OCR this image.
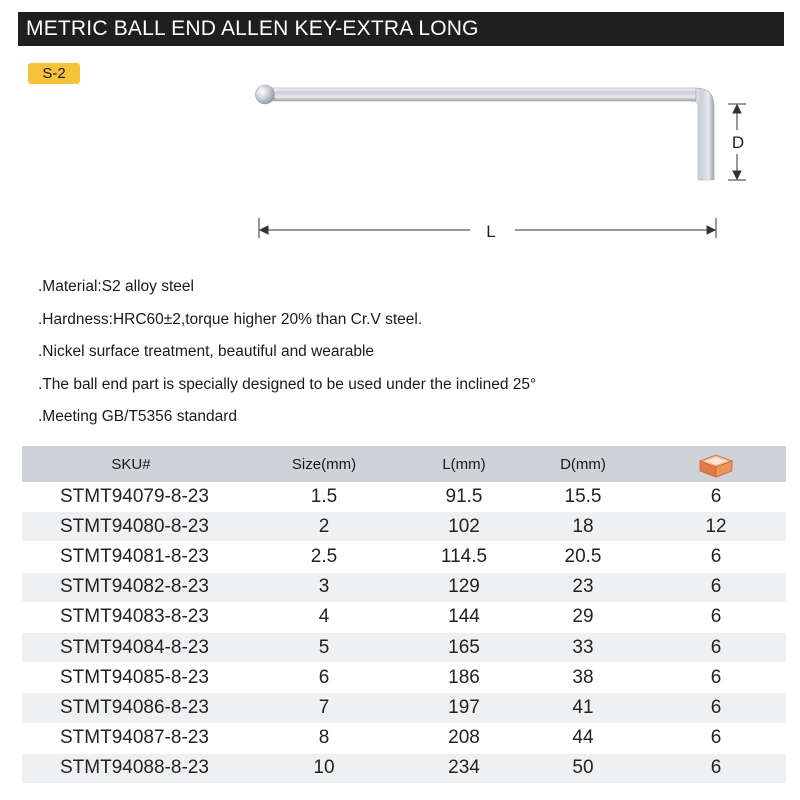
METRIC BALL END ALLEN KEY-EXTRA LONG
S-2
D
L
.Material:S2 alloy steel
.Hardness:HRC60±2,torque higher 20% than Cr.V steel.
.Nickel surface treatment, beautiful and wearable
.The ball end part is specially designed to be used under the inclined 25°
.Meeting GB/T5356 standard
SKU#	Size(mm)	L(mm)	D(mm)	
STMT94079-8-23	1.5	91.5	15.5	6
STMT94080-8-23	2	102	18	12
STMT94081-8-23	2.5	114.5	20.5	6
STMT94082-8-23	3	129	23	6
STMT94083-8-23	4	144	29	6
STMT94084-8-23	5	165	33	6
STMT94085-8-23	6	186	38	6
STMT94086-8-23	7	197	41	6
STMT94087-8-23	8	208	44	6
STMT94088-8-23	10	234	50	6
